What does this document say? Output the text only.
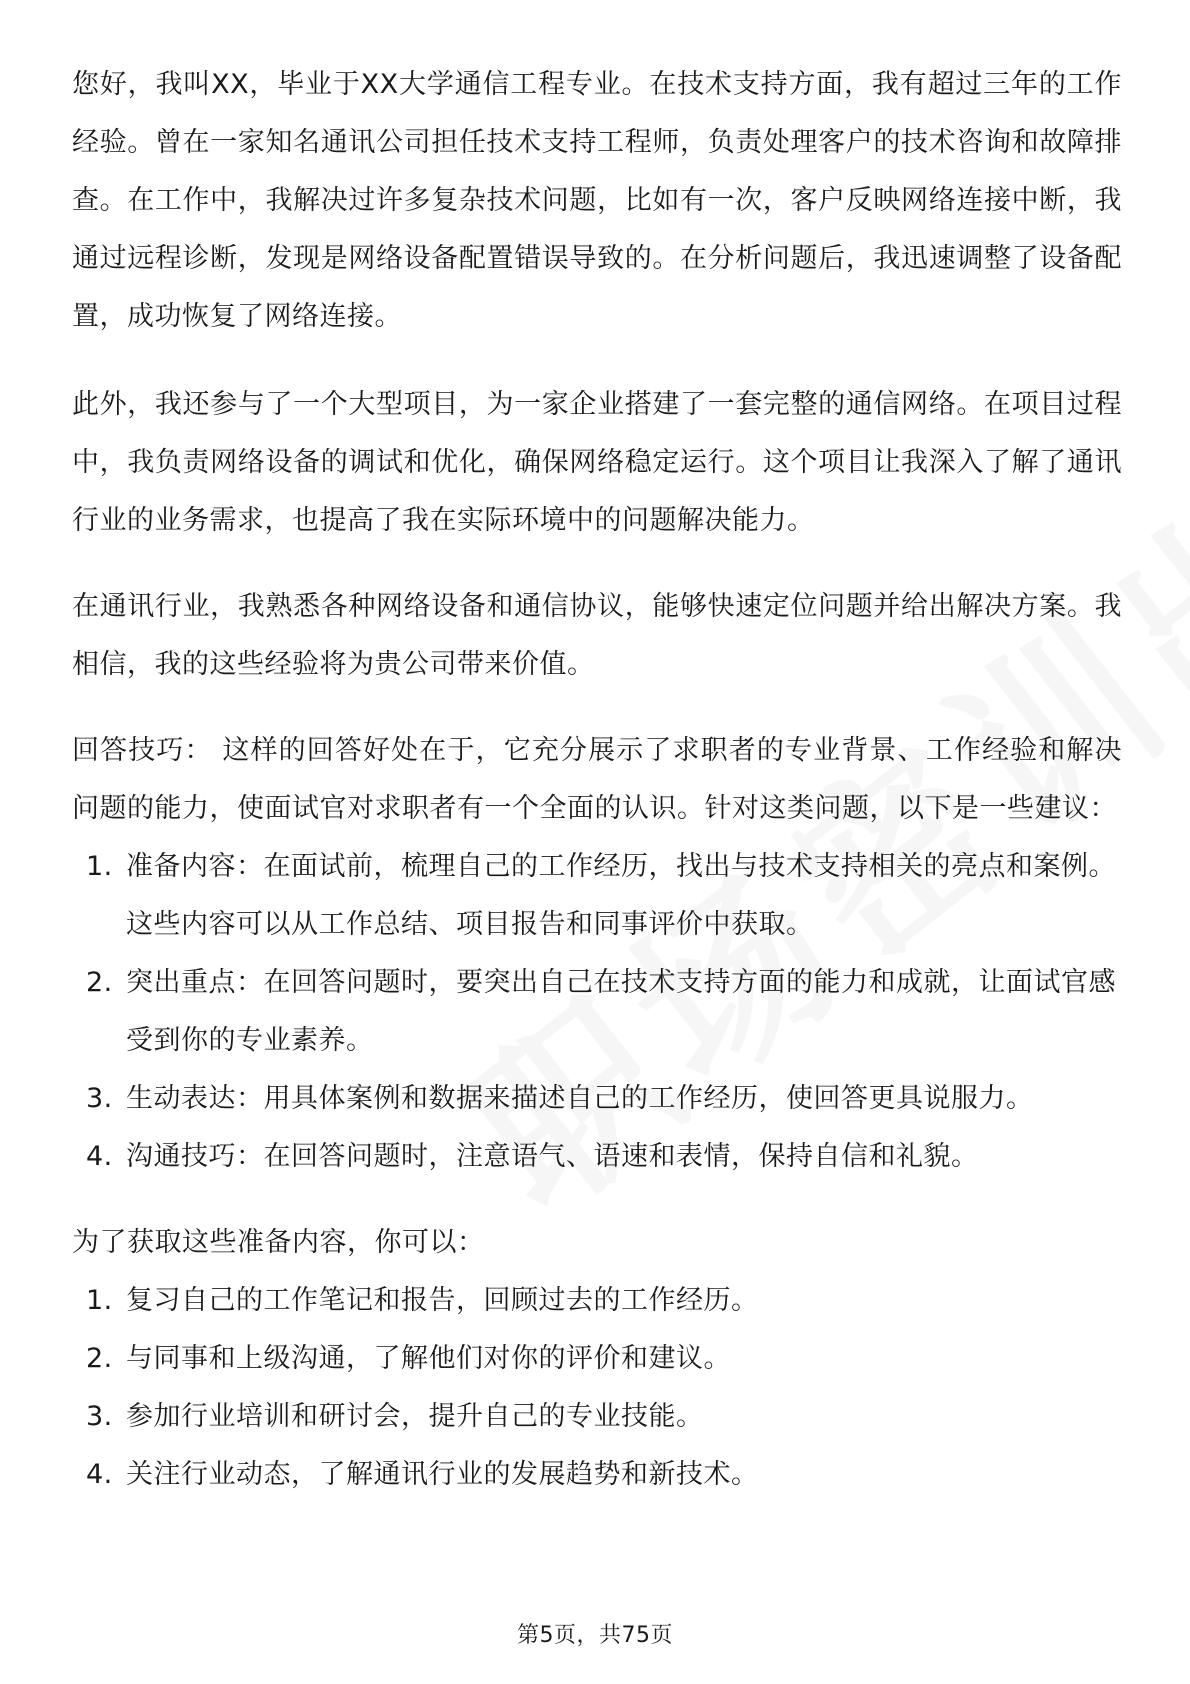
您好，我叫XX，毕业于XX大学通信工程专业。在技术支持方面，我有超过三年的工作经验。曾在一家知名通讯公司担任技术支持工程师，负责处理客户的技术咨询和故障排查。在工作中，我解决过许多复杂技术问题，比如有一次，客户反映网络连接中断，我通过远程诊断，发现是网络设备配置错误导致的。在分析问题后，我迅速调整了设备配置，成功恢复了网络连接。

此外，我还参与了一个大型项目，为一家企业搭建了一套完整的通信网络。在项目过程中，我负责网络设备的调试和优化，确保网络稳定运行。这个项目让我深入了解了通讯行业的业务需求，也提高了我在实际环境中的问题解决能力。

在通讯行业，我熟悉各种网络设备和通信协议，能够快速定位问题并给出解决方案。我相信，我的这些经验将为贵公司带来价值。

回答技巧： 这样的回答好处在于，它充分展示了求职者的专业背景、工作经验和解决问题的能力，使面试官对求职者有一个全面的认识。针对这类问题，以下是一些建议：

1. 准备内容：在面试前，梳理自己的工作经历，找出与技术支持相关的亮点和案例。这些内容可以从工作总结、项目报告和同事评价中获取。
2. 突出重点：在回答问题时，要突出自己在技术支持方面的能力和成就，让面试官感受到你的专业素养。
3. 生动表达：用具体案例和数据来描述自己的工作经历，使回答更具说服力。
4. 沟通技巧：在回答问题时，注意语气、语速和表情，保持自信和礼貌。

为了获取这些准备内容，你可以：

1. 复习自己的工作笔记和报告，回顾过去的工作经历。
2. 与同事和上级沟通，了解他们对你的评价和建议。
3. 参加行业培训和研讨会，提升自己的专业技能。
4. 关注行业动态，了解通讯行业的发展趋势和新技术。
第5页，共75页
